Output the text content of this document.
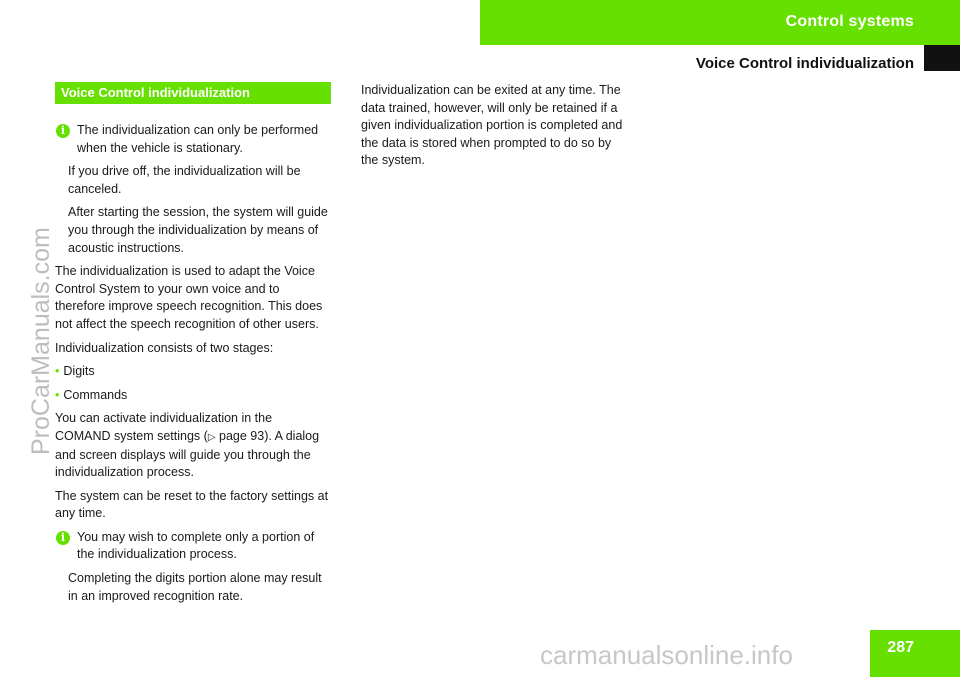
Control systems
Voice Control individualization
ProCarManuals.com
Voice Control individualization
i The individualization can only be performed when the vehicle is stationary.

If you drive off, the individualization will be canceled.

After starting the session, the system will guide you through the individualization by means of acoustic instructions.

The individualization is used to adapt the Voice Control System to your own voice and to therefore improve speech recognition. This does not affect the speech recognition of other users.

Individualization consists of two stages:

• Digits
• Commands

You can activate individualization in the COMAND system settings (▷ page 93). A dialog and screen displays will guide you through the individualization process.

The system can be reset to the factory settings at any time.

i You may wish to complete only a portion of the individualization process.

Completing the digits portion alone may result in an improved recognition rate.

Individualization can be exited at any time. The data trained, however, will only be retained if a given individualization portion is completed and the data is stored when prompted to do so by the system.

carmanualsonline.info	287
